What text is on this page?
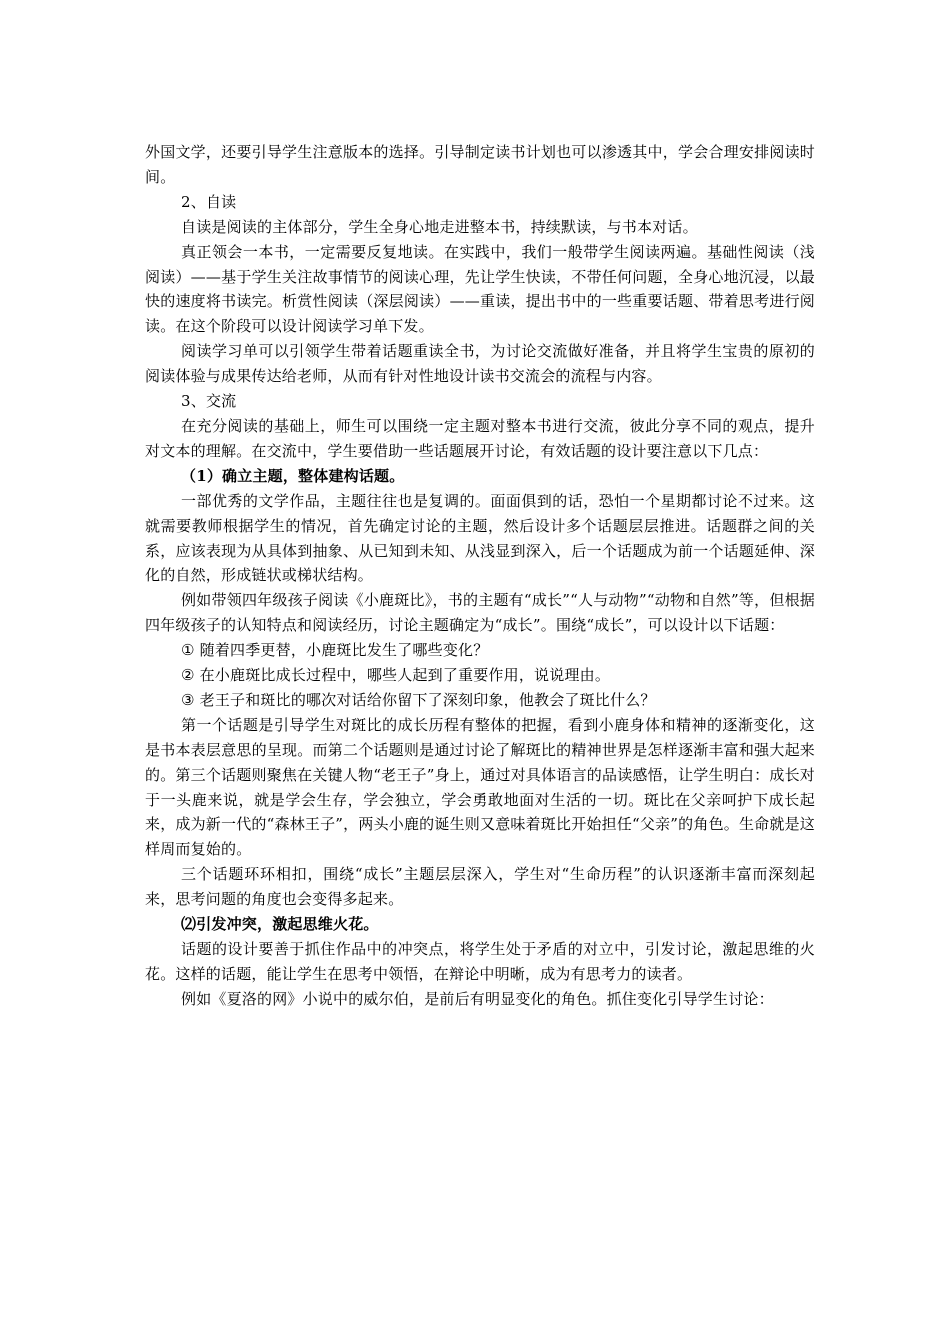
外国文学，还要引导学生注意版本的选择。引导制定读书计划也可以渗透其中，学会合理安排阅读时间。

2、自读

自读是阅读的主体部分，学生全身心地走进整本书，持续默读，与书本对话。

真正领会一本书，一定需要反复地读。在实践中，我们一般带学生阅读两遍。基础性阅读（浅阅读）——基于学生关注故事情节的阅读心理，先让学生快读，不带任何问题，全身心地沉浸，以最快的速度将书读完。析赏性阅读（深层阅读）——重读，提出书中的一些重要话题、带着思考进行阅读。在这个阶段可以设计阅读学习单下发。

阅读学习单可以引领学生带着话题重读全书，为讨论交流做好准备，并且将学生宝贵的原初的阅读体验与成果传达给老师，从而有针对性地设计读书交流会的流程与内容。

3、交流

在充分阅读的基础上，师生可以围绕一定主题对整本书进行交流，彼此分享不同的观点，提升对文本的理解。在交流中，学生要借助一些话题展开讨论，有效话题的设计要注意以下几点：

（1）确立主题，整体建构话题。

一部优秀的文学作品，主题往往也是复调的。面面俱到的话，恐怕一个星期都讨论不过来。这就需要教师根据学生的情况，首先确定讨论的主题，然后设计多个话题层层推进。话题群之间的关系，应该表现为从具体到抽象、从已知到未知、从浅显到深入，后一个话题成为前一个话题延伸、深化的自然，形成链状或梯状结构。

例如带领四年级孩子阅读《小鹿斑比》，书的主题有“成长”“人与动物”“动物和自然”等，但根据四年级孩子的认知特点和阅读经历，讨论主题确定为“成长”。围绕“成长”，可以设计以下话题：

① 随着四季更替，小鹿斑比发生了哪些变化？

② 在小鹿斑比成长过程中，哪些人起到了重要作用，说说理由。

③ 老王子和斑比的哪次对话给你留下了深刻印象，他教会了斑比什么？

第一个话题是引导学生对斑比的成长历程有整体的把握，看到小鹿身体和精神的逐渐变化，这是书本表层意思的呈现。而第二个话题则是通过讨论了解斑比的精神世界是怎样逐渐丰富和强大起来的。第三个话题则聚焦在关键人物“老王子”身上，通过对具体语言的品读感悟，让学生明白：成长对于一头鹿来说，就是学会生存，学会独立，学会勇敢地面对生活的一切。斑比在父亲呵护下成长起来，成为新一代的“森林王子”，两头小鹿的诞生则又意味着斑比开始担任“父亲”的角色。生命就是这样周而复始的。

三个话题环环相扣，围绕“成长”主题层层深入，学生对“生命历程”的认识逐渐丰富而深刻起来，思考问题的角度也会变得多起来。

⑵引发冲突，激起思维火花。

话题的设计要善于抓住作品中的冲突点，将学生处于矛盾的对立中，引发讨论，激起思维的火花。这样的话题，能让学生在思考中领悟，在辩论中明晰，成为有思考力的读者。

例如《夏洛的网》小说中的威尔伯，是前后有明显变化的角色。抓住变化引导学生讨论：
